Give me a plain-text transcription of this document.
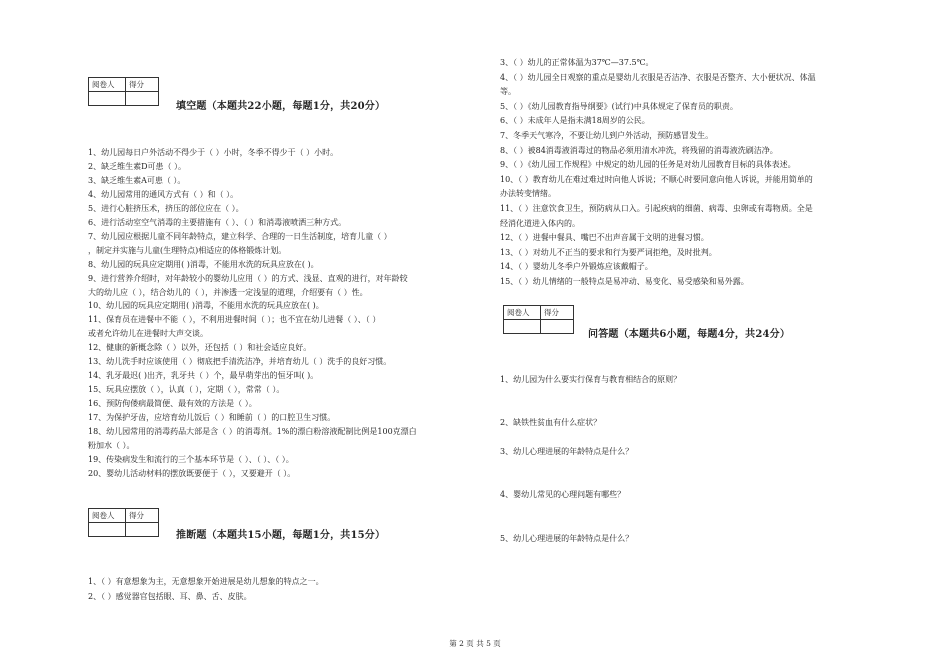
阅卷人	得分

填空题（本题共22小题，每题1分，共20分）
1、幼儿园每日户外活动不得少于（ ）小时，冬季不得少于（ ）小时。
2、缺乏维生素D可患（ ）。
3、缺乏维生素A可患（ ）。
4、幼儿园常用的通风方式有（ ）和（ ）。
5、进行心脏挤压术，挤压的部位应在（ ）。
6、进行活动室空气消毒的主要措施有（ ）、（ ）和消毒液喷洒三种方式。
7、幼儿园应根据儿童不同年龄特点，建立科学、合理的一日生活制度，培育儿童（ ）
，制定并实施与儿童(生理特点)相适应的体格锻炼计划。
8、幼儿园的玩具应定期用( )消毒，不能用水洗的玩具应放在( )。
9、进行营养介绍时，对年龄较小的婴幼儿应用（ ）的方式、浅显、直观的进行，对年龄较
大的幼儿应（ ），结合幼儿的（ ），并渗透一定浅显的道理，介绍要有（ ）性。
10、幼儿园的玩具应定期用( )消毒，不能用水洗的玩具应放在( )。
11、保育员在进餐中不能（ ），不利用进餐时间（ ）；也不宜在幼儿进餐（ ）、（ ）
或者允许幼儿在进餐时大声交谈。
12、健康的新概念除（ ）以外，还包括（ ）和社会适应良好。
13、幼儿洗手时应该使用（ ）彻底把手清洗洁净，并培育幼儿（ ）洗手的良好习惯。
14、乳牙最迟( )出齐，乳牙共（ ）个，最早萌芽出的恒牙叫( )。
15、玩具应摆放（ ），认真（ ），定期（ ），常常（ ）。
16、预防佝偻病最简便、最有效的方法是（ ）。
17、为保护牙齿，应培育幼儿饭后（ ）和睡前（ ）的口腔卫生习惯。
18、幼儿园常用的消毒药品大部是含（ ）的消毒剂。1%的漂白粉溶液配制比例是100克漂白
粉加水（ ）。
19、传染病发生和流行的三个基本环节是（ ）、（ ）、（ ）。
20、婴幼儿活动材料的摆放既要便于（ ），又要避开（ ）。
阅卷人	得分

推断题（本题共15小题，每题1分，共15分）
1、（ ）有意想象为主，无意想象开始进展是幼儿想象的特点之一。
2、（ ）感觉器官包括眼、耳、鼻、舌、皮肤。
3、（ ）幼儿的正常体温为37℃—37.5℃。
4、（ ）幼儿园全日观察的重点是婴幼儿衣服是否洁净、衣服是否整齐、大小便状况、体温
等。
5、（ ）《幼儿园教育指导纲要》(试行)中具体规定了保育员的职责。
6、（ ）未成年人是指未满18周岁的公民。
7、冬季天气寒冷，不要让幼儿到户外活动，预防感冒发生。
8、（ ）被84消毒液消毒过的物品必须用清水冲洗，将残留的消毒液洗刷洁净。
9、（ ）《幼儿园工作规程》中规定的幼儿园的任务是对幼儿园教育目标的具体表述。
10、（ ）教育幼儿在难过难过时向他人诉说；不顺心时要同意向他人诉说，并能用简单的
办法转变情绪。
11、（ ）注意饮食卫生，预防病从口入。引起疾病的细菌、病毒、虫卵或有毒物质。全是
经消化道进入体内的。
12、（ ）进餐中餐具、嘴巴不出声音属于文明的进餐习惯。
13、（ ）对幼儿不正当的要求和行为要严词拒绝，及时批判。
14、（ ）婴幼儿冬季户外锻炼应该戴帽子。
15、（ ）幼儿情绪的一般特点是易冲动、易变化、易受感染和易外露。
阅卷人	得分

问答题（本题共6小题，每题4分，共24分）
1、幼儿园为什么要实行保育与教育相结合的原则？
2、缺铁性贫血有什么症状？
3、幼儿心理进展的年龄特点是什么？
4、婴幼儿常见的心理问题有哪些？
5、幼儿心理进展的年龄特点是什么？
第 2 页 共 5 页
